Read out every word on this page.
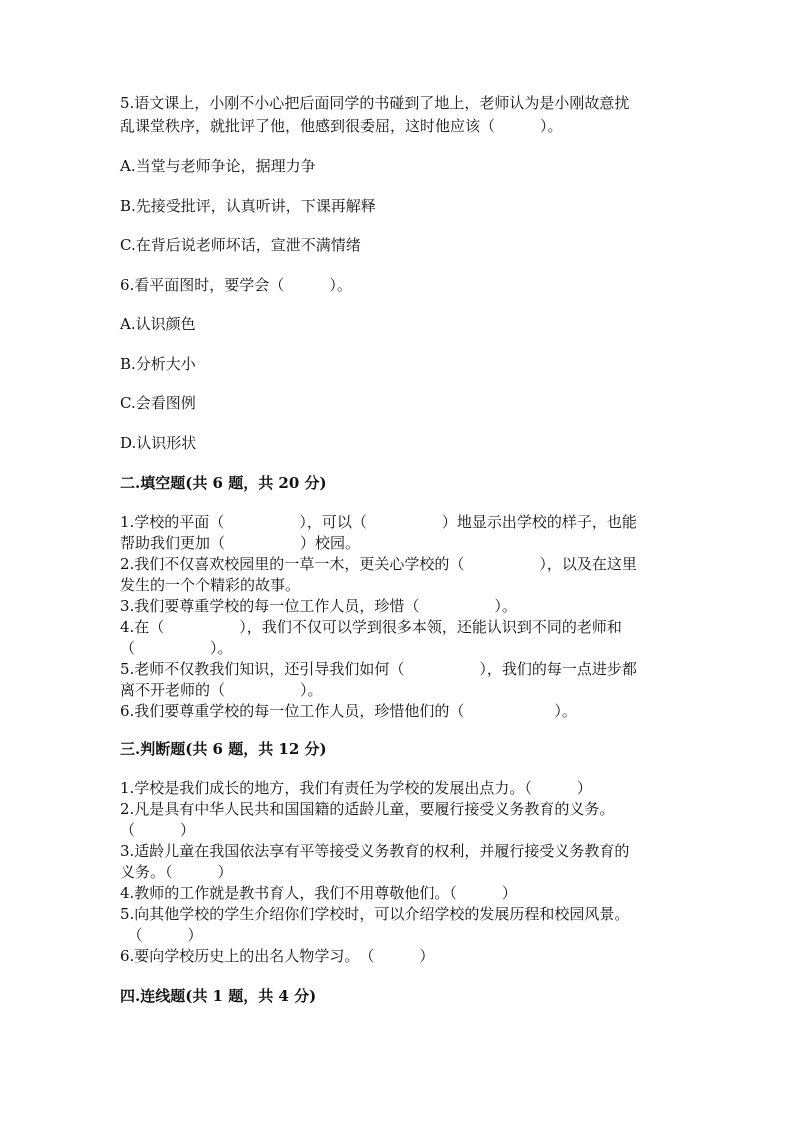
5.语文课上，小刚不小心把后面同学的书碰到了地上，老师认为是小刚故意扰
乱课堂秩序，就批评了他，他感到很委屈，这时他应该（　　　）。
A.当堂与老师争论，据理力争
B.先接受批评，认真听讲，下课再解释
C.在背后说老师坏话，宣泄不满情绪
6.看平面图时，要学会（　　　）。
A.认识颜色
B.分析大小
C.会看图例
D.认识形状
二.填空题(共 6 题，共 20 分)
1.学校的平面（　　　　　），可以（　　　　　）地显示出学校的样子，也能
帮助我们更加（　　　　　）校园。
2.我们不仅喜欢校园里的一草一木，更关心学校的（　　　　　），以及在这里
发生的一个个精彩的故事。
3.我们要尊重学校的每一位工作人员，珍惜（　　　　　）。
4.在（　　　　　），我们不仅可以学到很多本领，还能认识到不同的老师和
（　　　　　）。
5.老师不仅教我们知识，还引导我们如何（　　　　　），我们的每一点进步都
离不开老师的（　　　　　）。
6.我们要尊重学校的每一位工作人员，珍惜他们的（　　　　　　）。
三.判断题(共 6 题，共 12 分)
1.学校是我们成长的地方，我们有责任为学校的发展出点力。（　　　）
2.凡是具有中华人民共和国国籍的适龄儿童，要履行接受义务教育的义务。
（　　　）
3.适龄儿童在我国依法享有平等接受义务教育的权利，并履行接受义务教育的
义务。（　　　）
4.教师的工作就是教书育人，我们不用尊敬他们。（　　　）
5.向其他学校的学生介绍你们学校时，可以介绍学校的发展历程和校园风景。
　（　　　）
6.要向学校历史上的出名人物学习。　（　　　）
四.连线题(共 1 题，共 4 分)
